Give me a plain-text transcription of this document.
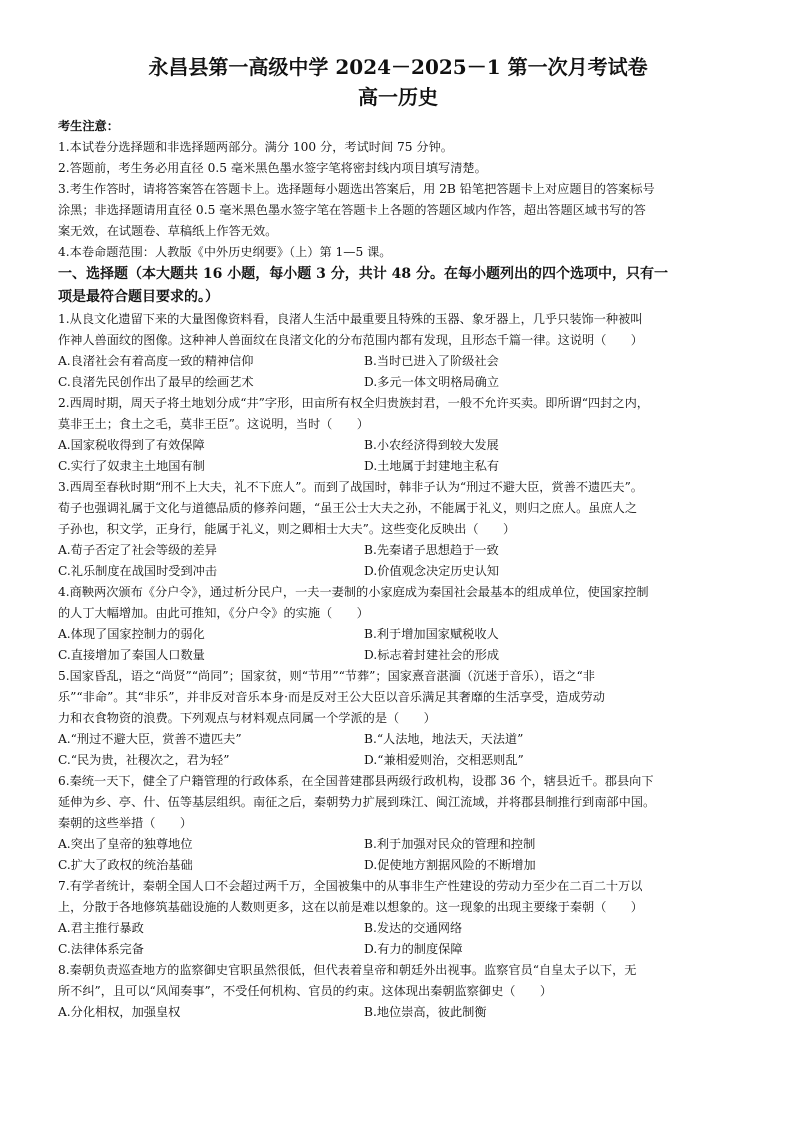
永昌县第一高级中学 2024－2025－1 第一次月考试卷

高一历史

考生注意：

1.本试卷分选择题和非选择题两部分。满分 100 分，考试时间 75 分钟。

2.答题前，考生务必用直径 0.5 毫米黑色墨水签字笔将密封线内项目填写清楚。

3.考生作答时，请将答案答在答题卡上。选择题每小题选出答案后，用 2B 铅笔把答题卡上对应题目的答案标号

涂黑；非选择题请用直径 0.5 毫米黑色墨水签字笔在答题卡上各题的答题区域内作答，超出答题区域书写的答

案无效，在试题卷、草稿纸上作答无效。

4.本卷命题范围：人教版《中外历史纲要》（上）第 1—5 课。

一、选择题（本大题共 16 小题，每小题 3 分，共计 48 分。在每小题列出的四个选项中，只有一

项是最符合题目要求的。）

1.从良文化遗留下来的大量图像资料看，良渚人生活中最重要且特殊的玉器、象牙器上，几乎只装饰一种被叫

作神人兽面纹的图像。这种神人兽面纹在良渚文化的分布范围内都有发现，且形态千篇一律。这说明（　　）

A.良渚社会有着高度一致的精神信仰	B.当时已进入了阶级社会

C.良渚先民创作出了最早的绘画艺术	D.多元一体文明格局确立

2.西周时期，周天子将土地划分成“井”字形，田亩所有权全归贵族封君，一般不允许买卖。即所谓“四封之内，

莫非王土；食土之毛，莫非王臣”。这说明，当时（　　）

A.国家税收得到了有效保障	B.小农经济得到较大发展

C.实行了奴隶主土地国有制	D.土地属于封建地主私有

3.西周至春秋时期“刑不上大夫，礼不下庶人”。而到了战国时，韩非子认为“刑过不避大臣，赏善不遗匹夫”。

荀子也强调礼属于文化与道德品质的修养问题，“虽王公士大夫之孙，不能属于礼义，则归之庶人。虽庶人之

子孙也，积文学，正身行，能属于礼义，则之卿相士大夫”。这些变化反映出（　　）

A.荀子否定了社会等级的差异	B.先秦诸子思想趋于一致

C.礼乐制度在战国时受到冲击	D.价值观念决定历史认知

4.商鞅两次颁布《分户令》，通过析分民户，一夫一妻制的小家庭成为秦国社会最基本的组成单位，使国家控制

的人丁大幅增加。由此可推知，《分户令》的实施（　　）

A.体现了国家控制力的弱化	B.利于增加国家赋税收人

C.直接增加了秦国人口数量	D.标志着封建社会的形成

5.国家昏乱，语之“尚贤”“尚同”；国家贫，则“节用”“节葬”；国家熹音湛湎（沉迷于音乐），语之“非

乐”“非命”。其“非乐”，并非反对音乐本身·而是反对王公大臣以音乐满足其奢靡的生活享受，造成劳动

力和衣食物资的浪费。下列观点与材料观点同属一个学派的是（　　）

A.“刑过不避大臣，赏善不遗匹夫”	B.“人法地，地法天，天法道”

C.“民为贵，社稷次之，君为轻”	D.“兼相爱则治，交相恶则乱”

6.秦统一天下，健全了户籍管理的行政体系，在全国普建郡县两级行政机构，设郡 36 个，辖县近千。郡县向下

延伸为乡、亭、什、伍等基层组织。南征之后，秦朝势力扩展到珠江、闽江流域，并将郡县制推行到南部中国。

秦朝的这些举措（　　）

A.突出了皇帝的独尊地位	B.利于加强对民众的管理和控制

C.扩大了政权的统治基础	D.促使地方割据风险的不断增加

7.有学者统计，秦朝全国人口不会超过两千万，全国被集中的从事非生产性建设的劳动力至少在二百二十万以

上，分散于各地修筑基础设施的人数则更多，这在以前是难以想象的。这一现象的出现主要缘于秦朝（　　）

A.君主推行暴政	B.发达的交通网络

C.法律体系完备	D.有力的制度保障

8.秦朝负责巡查地方的监察御史官职虽然很低，但代表着皇帝和朝廷外出视事。监察官员“自皇太子以下，无

所不纠”，且可以“风闻奏事”，不受任何机构、官员的约束。这体现出秦朝监察御史（　　）

A.分化相权，加强皇权	B.地位崇高，彼此制衡
